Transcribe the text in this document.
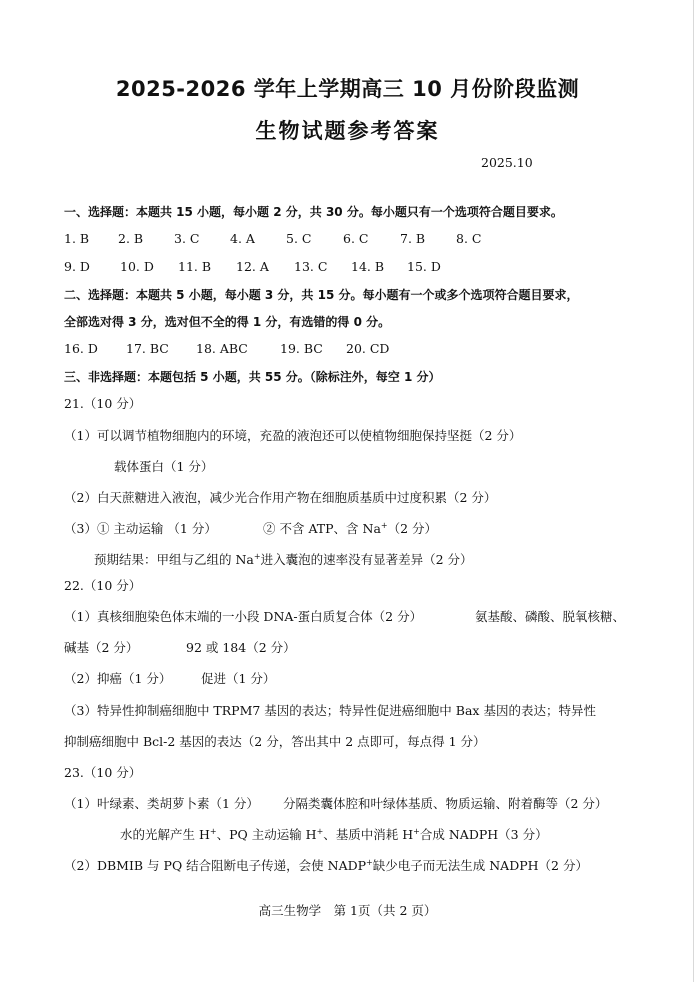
2025-2026 学年上学期高三 10 月份阶段监测
生物试题参考答案
2025.10
一、选择题：本题共 15 小题，每小题 2 分，共 30 分。每小题只有一个选项符合题目要求。
1. B 2. B 3. C 4. A 5. C	6. C	7. B 8. C
9. D 10. D 11. B 12. A 13. C 14. B 15. D
二、选择题：本题共 5 小题，每小题 3 分，共 15 分。每小题有一个或多个选项符合题目要求，
全部选对得 3 分，选对但不全的得 1 分，有选错的得 0 分。
16. D 17. BC 18. ABC	19. BC 20. CD
三、非选择题：本题包括 5 小题，共 55 分。（除标注外，每空 1 分）
21.（10 分）
（1）可以调节植物细胞内的环境，充盈的液泡还可以使植物细胞保持坚挺（2 分）
载体蛋白（1 分）
（2）白天蔗糖进入液泡，减少光合作用产物在细胞质基质中过度积累（2 分）
（3）① 主动运输 （1 分）	② 不含 ATP、含 Na+（2 分）
预期结果：甲组与乙组的 Na+进入囊泡的速率没有显著差异（2 分）
22.（10 分）
（1）真核细胞染色体末端的一小段 DNA-蛋白质复合体（2 分）	氨基酸、磷酸、脱氧核糖、
碱基（2 分）	92 或 184（2 分）
（2）抑癌（1 分） 促进（1 分）
（3）特异性抑制癌细胞中 TRPM7 基因的表达；特异性促进癌细胞中 Bax 基因的表达；特异性
抑制癌细胞中 Bcl-2 基因的表达（2 分，答出其中 2 点即可，每点得 1 分）
23.（10 分）
（1）叶绿素、类胡萝卜素（1 分） 分隔类囊体腔和叶绿体基质、物质运输、附着酶等（2 分）
水的光解产生 H+、PQ 主动运输 H+、基质中消耗 H+合成 NADPH（3 分）
（2）DBMIB 与 PQ 结合阻断电子传递，会使 NADP+缺少电子而无法生成 NADPH（2 分）
高三生物学　第 1页（共 2 页）
